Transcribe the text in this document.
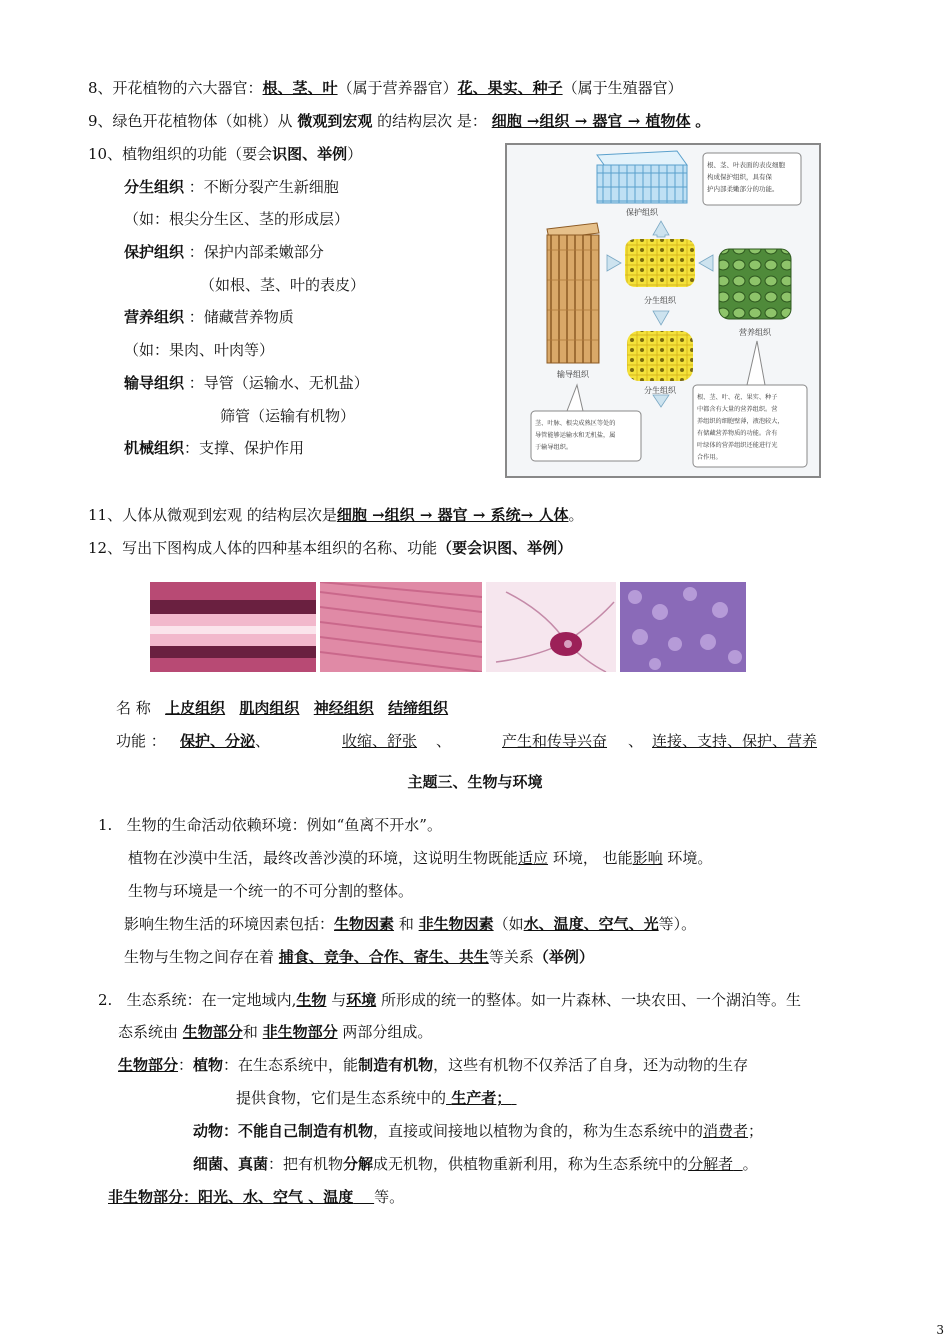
8、开花植物的六大器官：根、茎、叶（属于营养器官）花、果实、种子（属于生殖器官）
9、绿色开花植物体（如桃）从 微观到宏观 的结构层次 是： 细胞 →组织 → 器官 → 植物体 。
10、植物组织的功能（要会识图、举例）
分生组织 ：不断分裂产生新细胞
（如：根尖分生区、茎的形成层）
保护组织 ：保护内部柔嫩部分
（如根、茎、叶的表皮）
营养组织 ：储藏营养物质
（如：果肉、叶肉等）
输导组织 ：导管（运输水、无机盐）
筛管（运输有机物）
机械组织：支撑、保护作用
保护组织
根、茎、叶表面的表皮细胞 构成保护组织，具有保 护内部柔嫩部分的功能。
输导组织
分生组织
营养组织
分生组织
茎、叶脉、根尖成熟区等处的 导管能够运输水和无机盐，属 于输导组织。
根、茎、叶、花、果实、种子 中都含有大量的营养组织。营 养组织的细胞壁薄，液泡较大， 有储藏营养物质的功能。含有 叶绿体的营养组织还能进行光 合作用。
11、人体从微观到宏观 的结构层次是细胞 →组织 → 器官 → 系统→ 人体。
12、写出下图构成人体的四种基本组织的名称、功能（要会识图、举例）
名 称 上皮组织 肌肉组织 神经组织 结缔组织
功能 ： 保护、分泌、	收缩、舒张	、	产生和传导兴奋 、 连接、支持、保护、营养
主题三、生物与环境
1. 生物的生命活动依赖环境：例如“鱼离不开水”。
植物在沙漠中生活，最终改善沙漠的环境，这说明生物既能适应 环境， 也能影响 环境。
生物与环境是一个统一的不可分割的整体。
影响生物生活的环境因素包括：生物因素 和 非生物因素（如水、温度、空气、光等）。
生物与生物之间存在着 捕食、竞争、合作、寄生、共生等关系（举例）
2. 生态系统：在一定地域内,生物 与环境 所形成的统一的整体。如一片森林、一块农田、一个湖泊等。生
态系统由 生物部分和 非生物部分 两部分组成。
生物部分：植物：在生态系统中，能制造有机物，这些有机物不仅养活了自身，还为动物的生存
提供食物，它们是生态系统中的 生产者；
动物：不能自己制造有机物，直接或间接地以植物为食的，称为生态系统中的消费者；
细菌、真菌：把有机物分解成无机物，供植物重新利用，称为生态系统中的分解者 。
非生物部分：阳光、水、空气 、温度 等。
3
